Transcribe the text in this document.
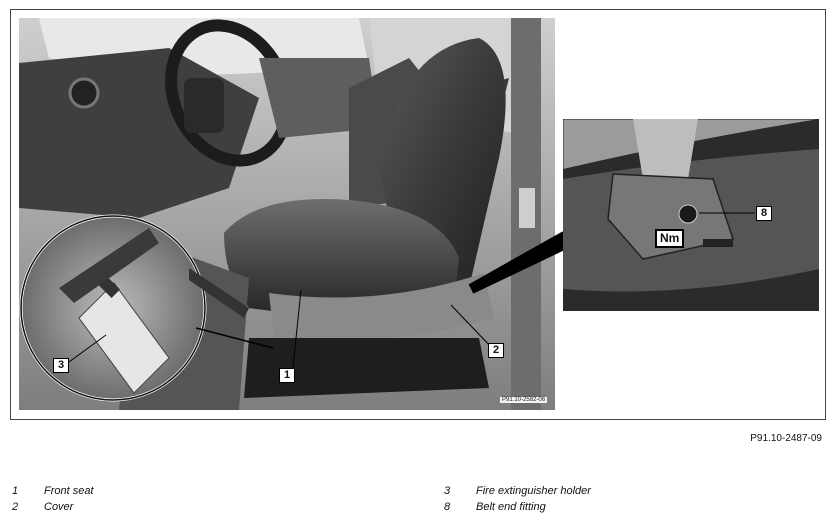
1
2
3
8
Nm
P91.10-2582-06
P91.10-2487-09
1 Front seat
2 Cover
3 Fire extinguisher holder
8 Belt end fitting
